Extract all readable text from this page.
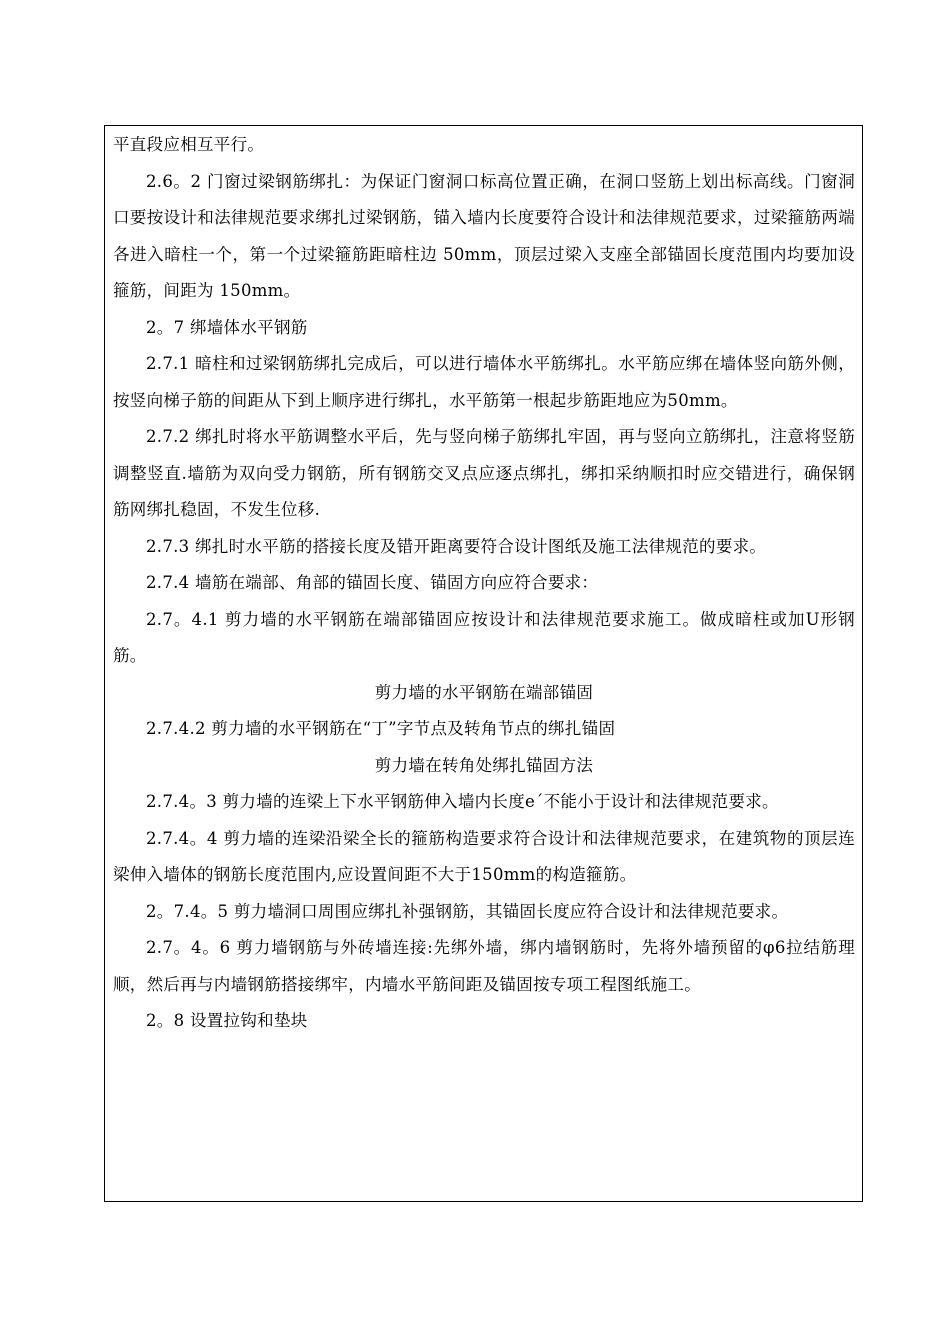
平直段应相互平行。

2.6。2 门窗过梁钢筋绑扎：为保证门窗洞口标高位置正确，在洞口竖筋上划出标高线。门窗洞口要按设计和法律规范要求绑扎过梁钢筋，锚入墙内长度要符合设计和法律规范要求，过梁箍筋两端各进入暗柱一个，第一个过梁箍筋距暗柱边 50mm，顶层过梁入支座全部锚固长度范围内均要加设箍筋，间距为 150mm。

2。7 绑墙体水平钢筋

2.7.1 暗柱和过梁钢筋绑扎完成后，可以进行墙体水平筋绑扎。水平筋应绑在墙体竖向筋外侧，按竖向梯子筋的间距从下到上顺序进行绑扎，水平筋第一根起步筋距地应为50mm。

2.7.2 绑扎时将水平筋调整水平后，先与竖向梯子筋绑扎牢固，再与竖向立筋绑扎，注意将竖筋调整竖直.墙筋为双向受力钢筋，所有钢筋交叉点应逐点绑扎，绑扣采纳顺扣时应交错进行，确保钢筋网绑扎稳固，不发生位移.

2.7.3 绑扎时水平筋的搭接长度及错开距离要符合设计图纸及施工法律规范的要求。

2.7.4 墙筋在端部、角部的锚固长度、锚固方向应符合要求：

2.7。4.1 剪力墙的水平钢筋在端部锚固应按设计和法律规范要求施工。做成暗柱或加U形钢筋。

剪力墙的水平钢筋在端部锚固

2.7.4.2 剪力墙的水平钢筋在“丁”字节点及转角节点的绑扎锚固

剪力墙在转角处绑扎锚固方法

2.7.4。3 剪力墙的连梁上下水平钢筋伸入墙内长度e´不能小于设计和法律规范要求。

2.7.4。4 剪力墙的连梁沿梁全长的箍筋构造要求符合设计和法律规范要求，在建筑物的顶层连梁伸入墙体的钢筋长度范围内,应设置间距不大于150mm的构造箍筋。

2。7.4。5 剪力墙洞口周围应绑扎补强钢筋，其锚固长度应符合设计和法律规范要求。

2.7。4。6 剪力墙钢筋与外砖墙连接:先绑外墙，绑内墙钢筋时，先将外墙预留的φ6拉结筋理顺，然后再与内墙钢筋搭接绑牢，内墙水平筋间距及锚固按专项工程图纸施工。

2。8 设置拉钩和垫块
